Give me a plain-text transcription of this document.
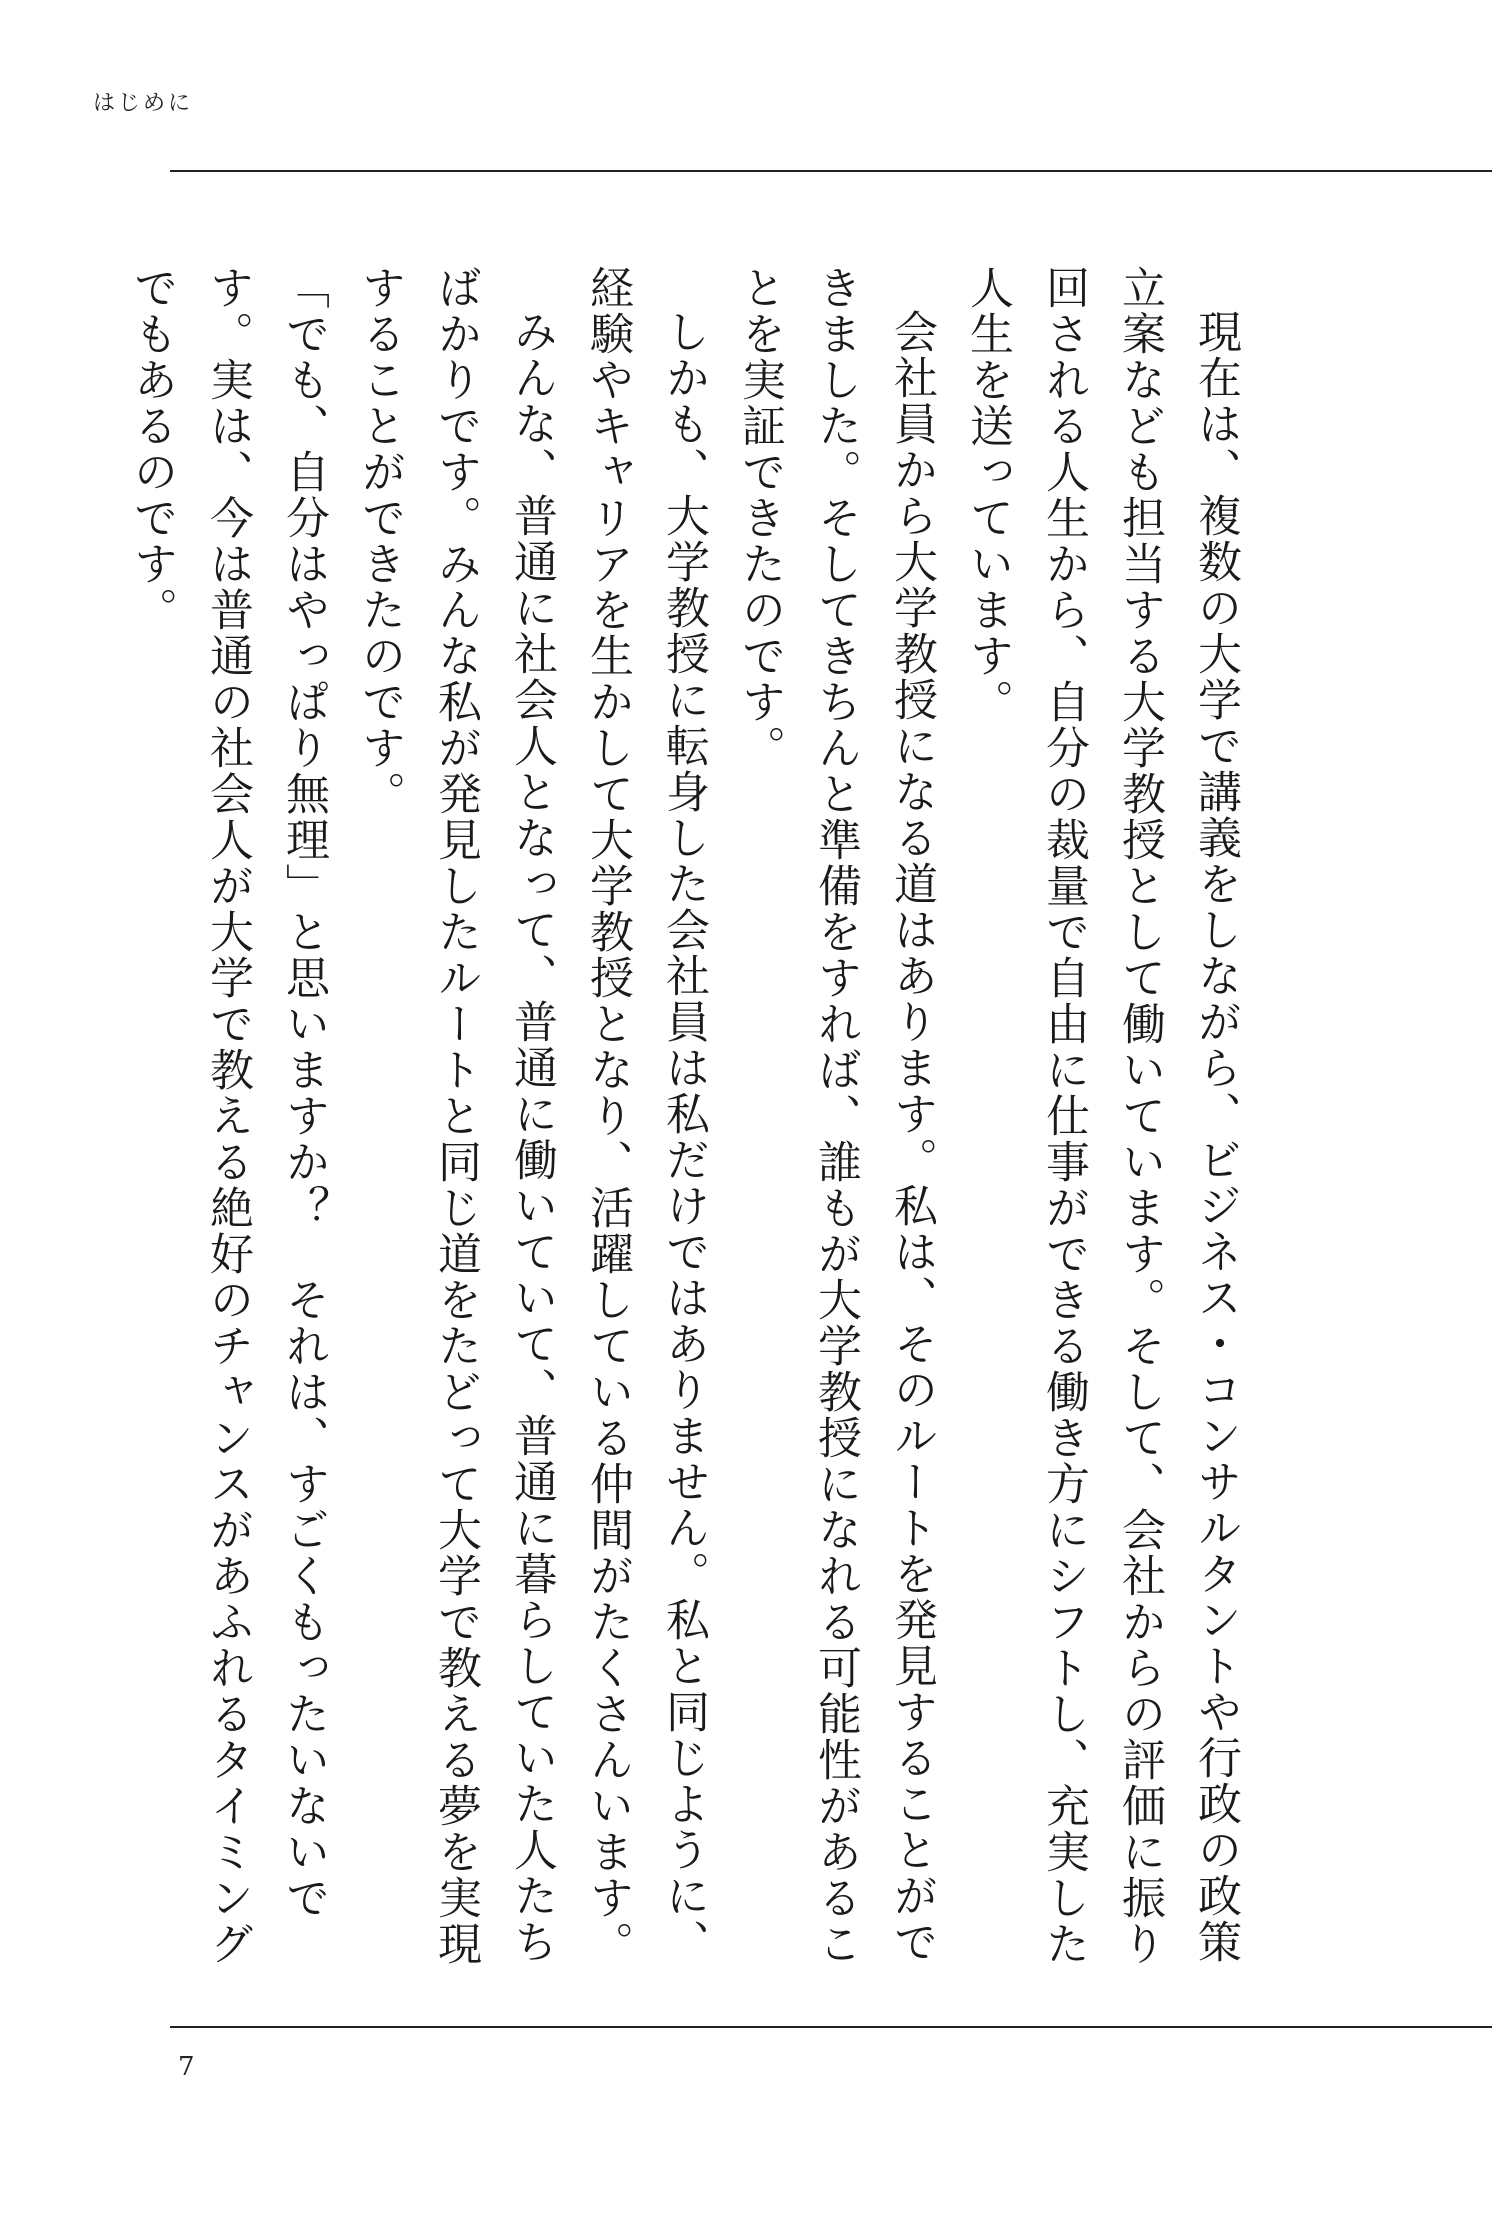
はじめに

現在は、複数の大学で講義をしながら、ビジネス・コンサルタントや行政の政策立案なども担当する大学教授として働いています。そして、会社からの評価に振り回される人生から、自分の裁量で自由に仕事ができる働き方にシフトし、充実した人生を送っています。

会社員から大学教授になる道はあります。私は、そのルートを発見することができました。そしてきちんと準備をすれば、誰もが大学教授になれる可能性があることを実証できたのです。

しかも、大学教授に転身した会社員は私だけではありません。私と同じように、経験やキャリアを生かして大学教授となり、活躍している仲間がたくさんいます。

みんな、普通に社会人となって、普通に働いていて、普通に暮らしていた人たちばかりです。みんな私が発見したルートと同じ道をたどって大学で教える夢を実現することができたのです。

「でも、自分はやっぱり無理」と思いますか？　それは、すごくもったいないです。実は、今は普通の社会人が大学で教える絶好のチャンスがあふれるタイミングでもあるのです。

7
